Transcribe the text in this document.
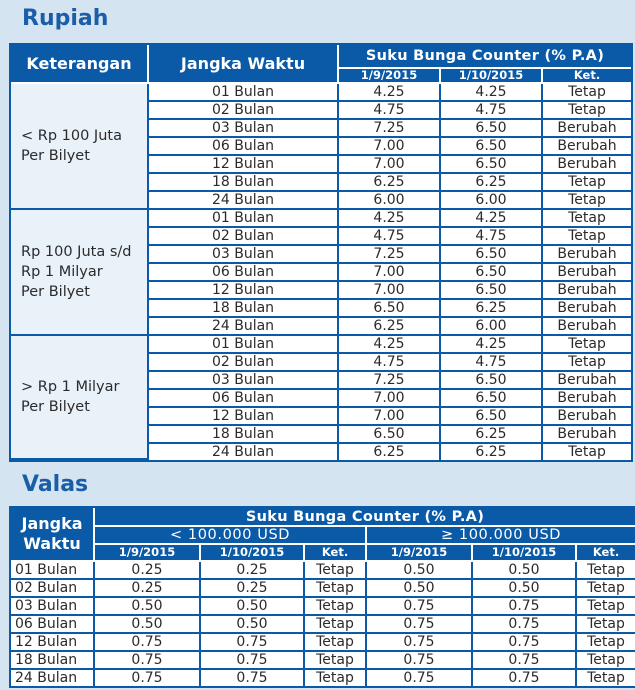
Rupiah
Keterangan	Jangka Waktu	Suku Bunga Counter (% P.A)		
		1/9/2015	1/10/2015	Ket.
< Rp 100 Juta
Per Bilyet	01 Bulan	4.25	4.25	Tetap
	02 Bulan	4.75	4.75	Tetap
	03 Bulan	7.25	6.50	Berubah
	06 Bulan	7.00	6.50	Berubah
	12 Bulan	7.00	6.50	Berubah
	18 Bulan	6.25	6.25	Tetap
	24 Bulan	6.00	6.00	Tetap
Rp 100 Juta s/d
Rp 1 Milyar
Per Bilyet	01 Bulan	4.25	4.25	Tetap
	02 Bulan	4.75	4.75	Tetap
	03 Bulan	7.25	6.50	Berubah
	06 Bulan	7.00	6.50	Berubah
	12 Bulan	7.00	6.50	Berubah
	18 Bulan	6.50	6.25	Berubah
	24 Bulan	6.25	6.00	Berubah
> Rp 1 Milyar
Per Bilyet	01 Bulan	4.25	4.25	Tetap
	02 Bulan	4.75	4.75	Tetap
	03 Bulan	7.25	6.50	Berubah
	06 Bulan	7.00	6.50	Berubah
	12 Bulan	7.00	6.50	Berubah
	18 Bulan	6.50	6.25	Berubah
	24 Bulan	6.25	6.25	Tetap
Valas
Jangka
Waktu	Suku Bunga Counter (% P.A)					
	< 100.000 USD			≥ 100.000 USD		
	1/9/2015	1/10/2015	Ket.	1/9/2015	1/10/2015	Ket.
01 Bulan	0.25	0.25	Tetap	0.50	0.50	Tetap
02 Bulan	0.25	0.25	Tetap	0.50	0.50	Tetap
03 Bulan	0.50	0.50	Tetap	0.75	0.75	Tetap
06 Bulan	0.50	0.50	Tetap	0.75	0.75	Tetap
12 Bulan	0.75	0.75	Tetap	0.75	0.75	Tetap
18 Bulan	0.75	0.75	Tetap	0.75	0.75	Tetap
24 Bulan	0.75	0.75	Tetap	0.75	0.75	Tetap
